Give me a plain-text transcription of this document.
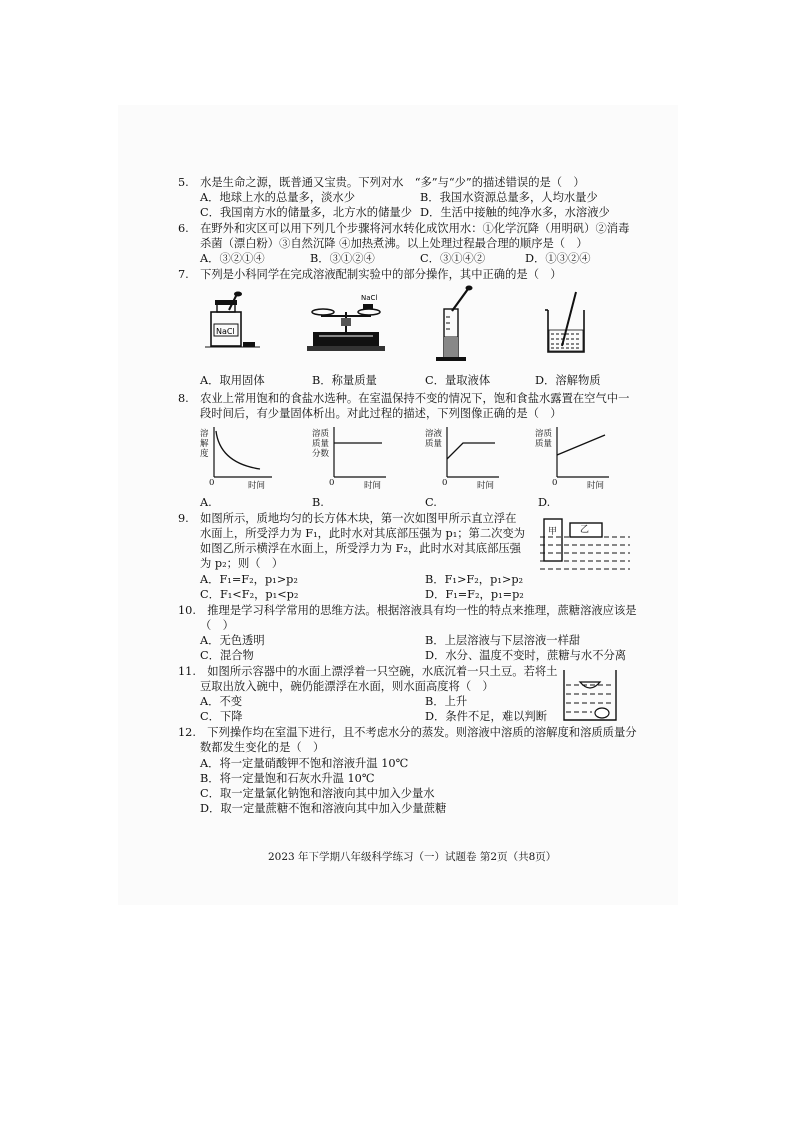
5.　水是生命之源，既普通又宝贵。下列对水　“多”与“少”的描述错误的是（　）
A．地球上水的总量多，淡水少	B．我国水资源总量多，人均水量少
C．我国南方水的储量多，北方水的储量少 D．生活中接触的纯净水多，水溶液少
6.　在野外和灾区可以用下列几个步骤将河水转化成饮用水：①化学沉降（用明矾）②消毒
杀菌（漂白粉）③自然沉降 ④加热煮沸。以上处理过程最合理的顺序是（　）
A．③②①④	B．③①②④	C．③①④②	D．①③②④
7.　下列是小科同学在完成溶液配制实验中的部分操作，其中正确的是（　）
NaCl
NaCl
A．取用固体	B．称量质量	C．量取液体	D．溶解物质
8.　农业上常用饱和的食盐水选种。在室温保持不变的情况下，饱和食盐水露置在空气中一
段时间后，有少量固体析出。对此过程的描述，下列图像正确的是（　）
溶解度
0	时间
溶质质量分数
0	时间
溶液质量
0	时间
溶质质量
0	时间
A.	B.	C.	D.
9.　如图所示，质地均匀的长方体木块，第一次如图甲所示直立浮在
水面上，所受浮力为 F₁，此时水对其底部压强为 p₁；第二次变为
如图乙所示横浮在水面上，所受浮力为 F₂，此时水对其底部压强
为 p₂；则（　）
甲	乙
A．F₁=F₂，p₁>p₂	B．F₁>F₂，p₁>p₂
C．F₁<F₂，p₁<p₂	D．F₁=F₂，p₁=p₂
10.　推理是学习科学常用的思维方法。根据溶液具有均一性的特点来推理，蔗糖溶液应该是
（　）
A．无色透明	B．上层溶液与下层溶液一样甜
C．混合物	D．水分、温度不变时，蔗糖与水不分离
11.　如图所示容器中的水面上漂浮着一只空碗，水底沉着一只土豆。若将土
豆取出放入碗中，碗仍能漂浮在水面，则水面高度将（　）
A．不变	B．上升
C．下降	D．条件不足，难以判断
12.　下列操作均在室温下进行，且不考虑水分的蒸发。则溶液中溶质的溶解度和溶质质量分
数都发生变化的是（　）
A．将一定量硝酸钾不饱和溶液升温 10℃
B．将一定量饱和石灰水升温 10℃
C．取一定量氯化钠饱和溶液向其中加入少量水
D．取一定量蔗糖不饱和溶液向其中加入少量蔗糖
2023 年下学期八年级科学练习（一）试题卷 第2页（共8页）
